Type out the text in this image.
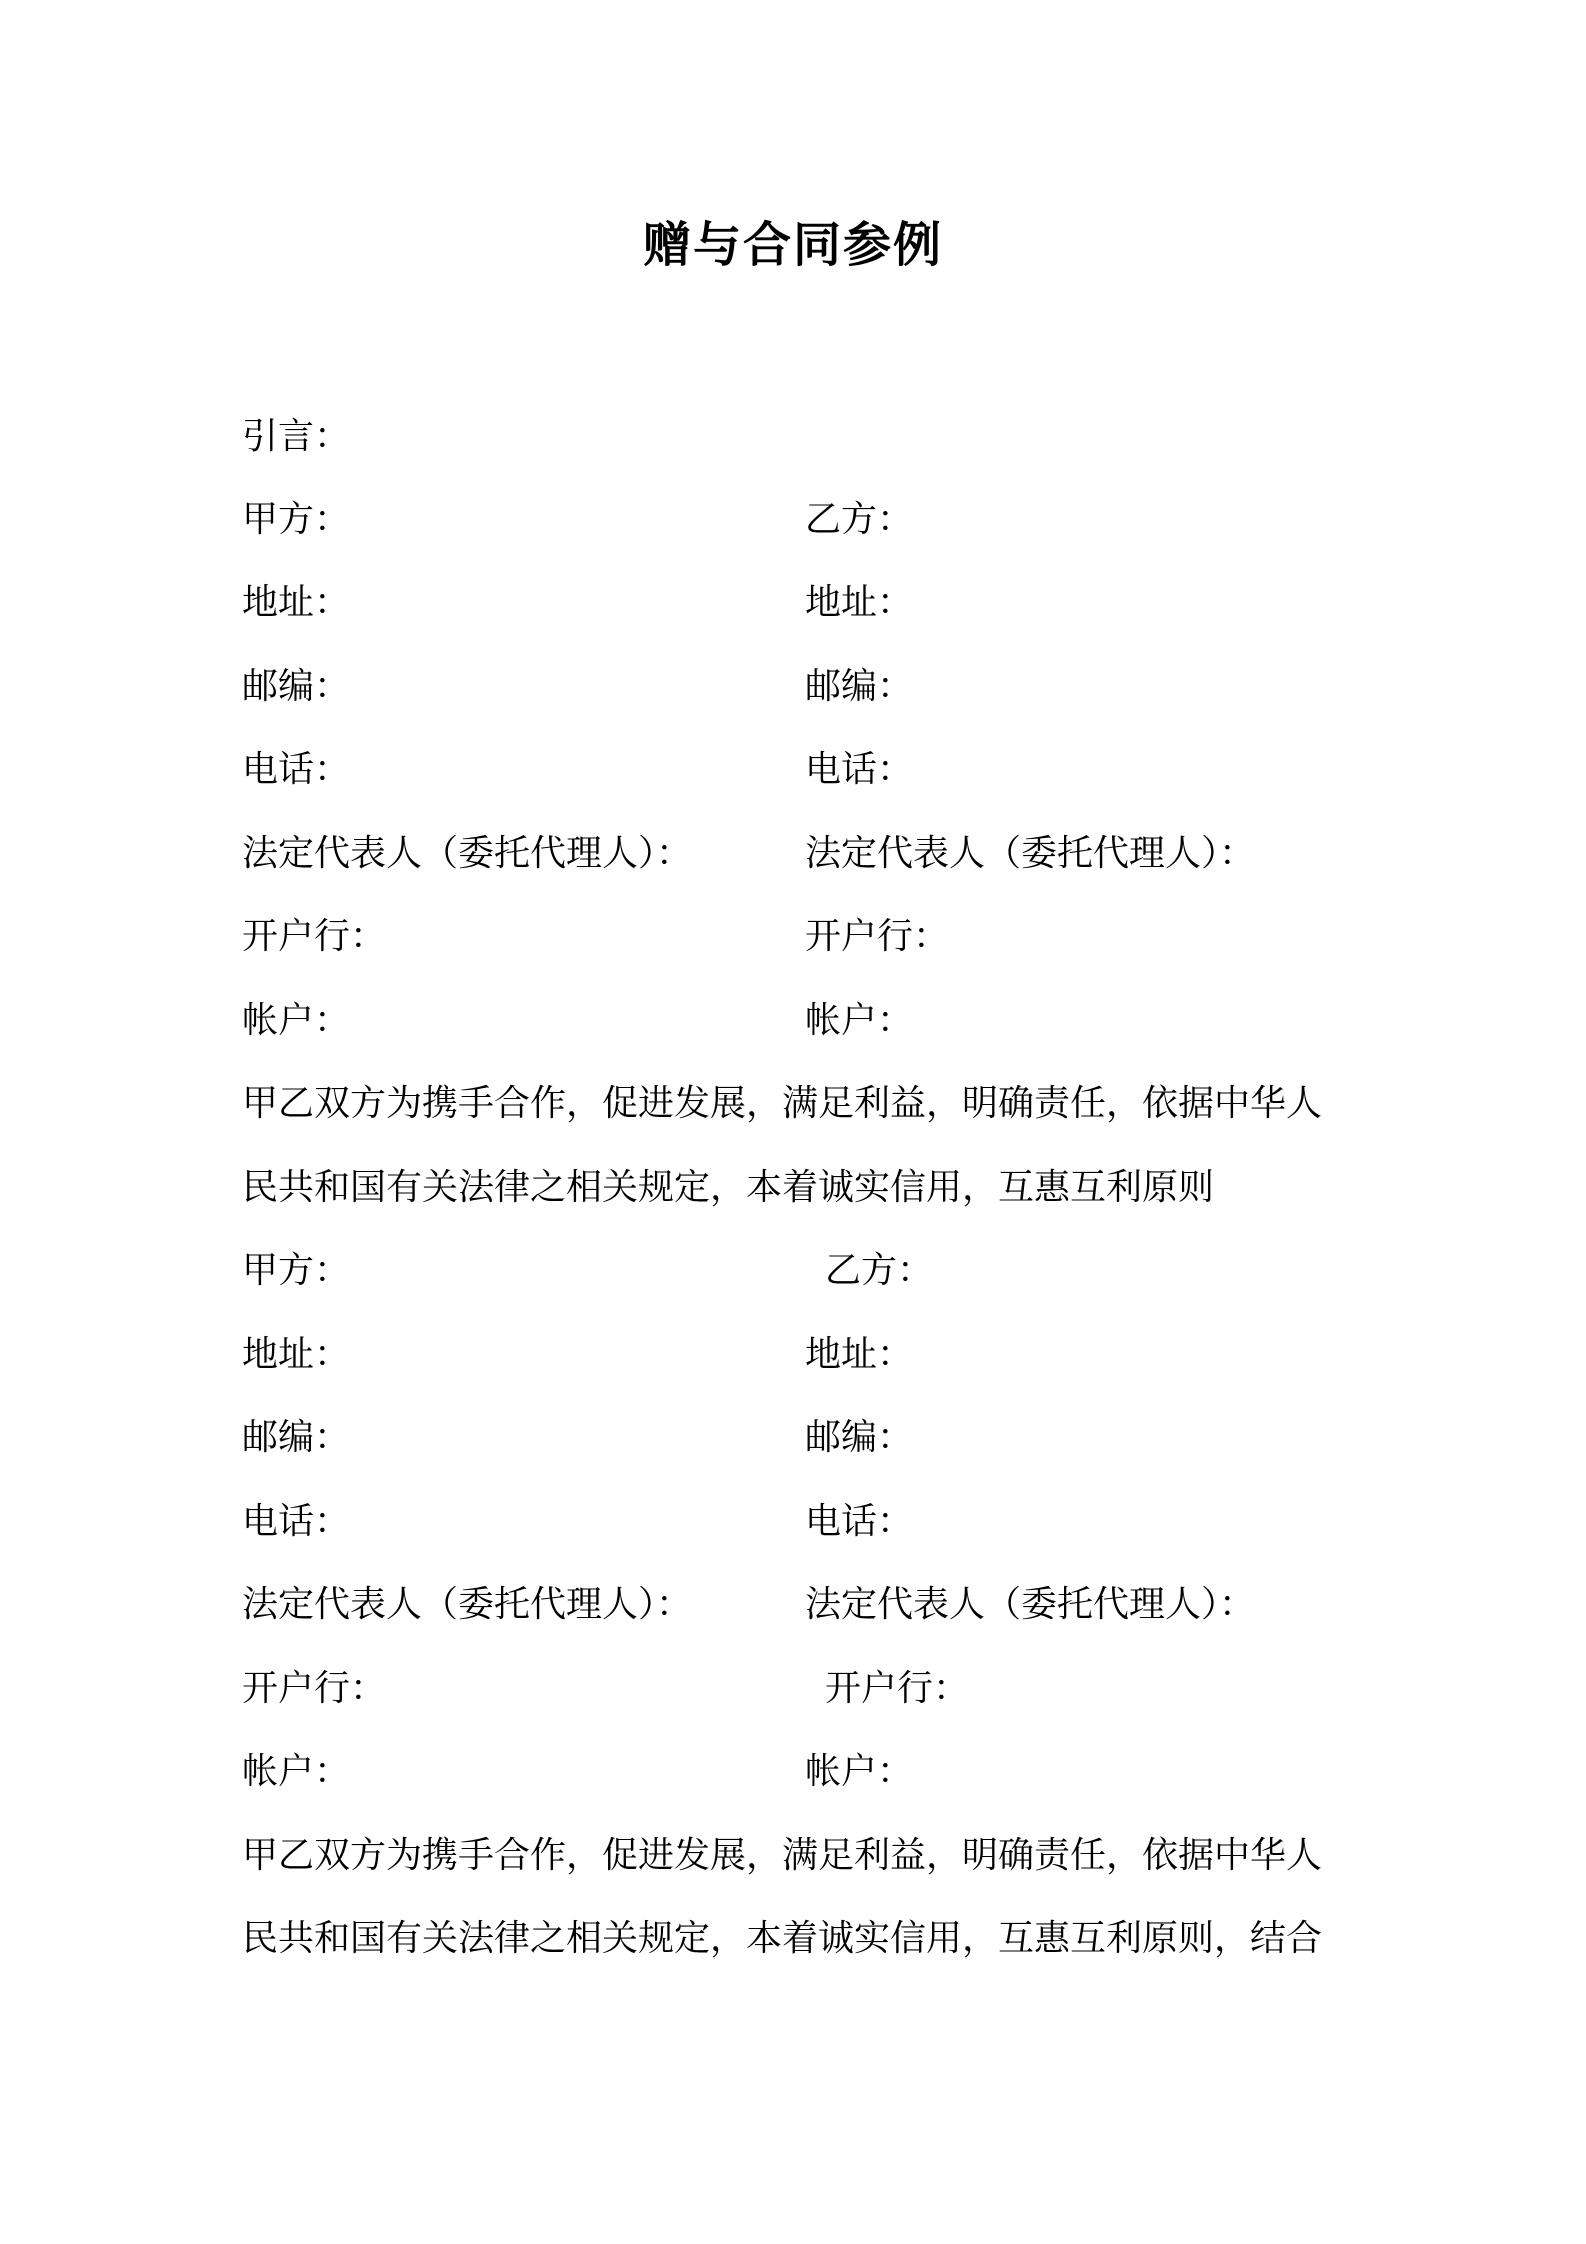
赠与合同参例
引言：
甲方：	乙方：
地址：	地址：
邮编：	邮编：
电话：	电话：
法定代表人（委托代理人）：	法定代表人（委托代理人）：
开户行：	开户行：
帐户：	帐户：
甲乙双方为携手合作，促进发展，满足利益，明确责任，依据中华人
民共和国有关法律之相关规定，本着诚实信用，互惠互利原则
甲方：	乙方：
地址：	地址：
邮编：	邮编：
电话：	电话：
法定代表人（委托代理人）：	法定代表人（委托代理人）：
开户行：	开户行：
帐户：	帐户：
甲乙双方为携手合作，促进发展，满足利益，明确责任，依据中华人
民共和国有关法律之相关规定，本着诚实信用，互惠互利原则，结合
